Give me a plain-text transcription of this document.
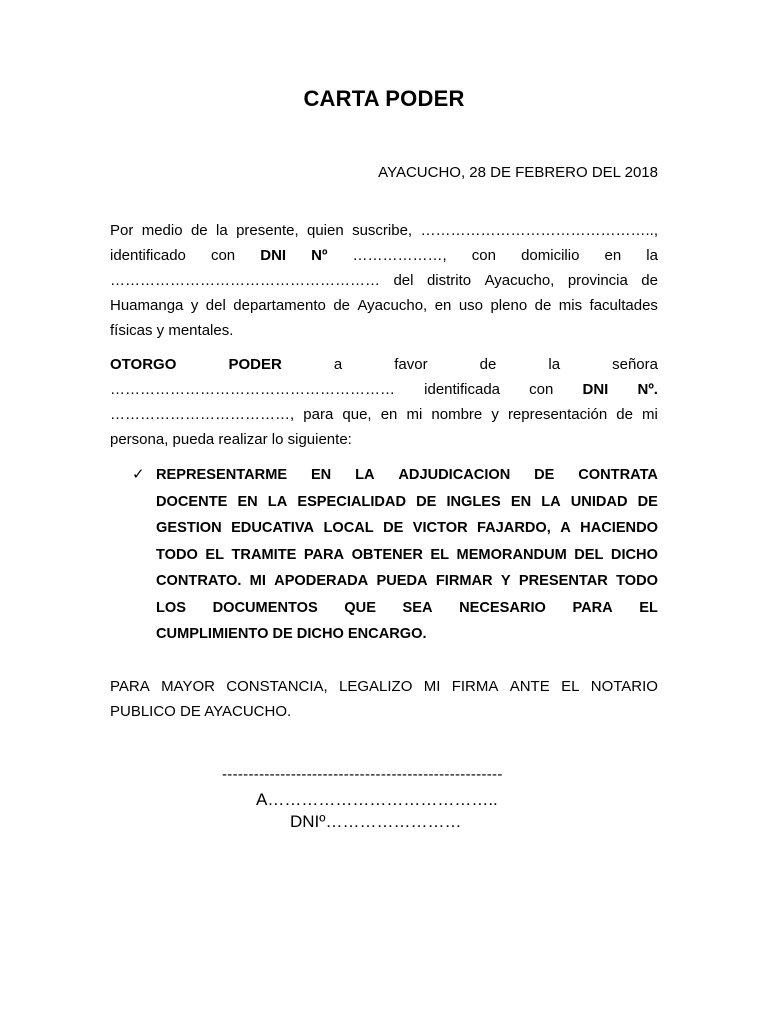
CARTA PODER
AYACUCHO, 28 DE FEBRERO DEL 2018
Por medio de la presente, quien suscribe, ………………………………………..,
identificado con DNI Nº ………………, con domicilio en la
……………………………………………… del distrito Ayacucho, provincia de
Huamanga y del departamento de Ayacucho, en uso pleno de mis facultades
físicas y mentales.
OTORGO	PODER	a	favor	de	la	señora
………………………………………………… identificada con DNI Nº.
………………………………, para que, en mi nombre y representación de mi
persona, pueda realizar lo siguiente:
✓ REPRESENTARME EN LA ADJUDICACION DE CONTRATA
DOCENTE EN LA ESPECIALIDAD DE INGLES EN LA UNIDAD DE
GESTION EDUCATIVA LOCAL DE VICTOR FAJARDO, A HACIENDO
TODO EL TRAMITE PARA OBTENER EL MEMORANDUM DEL DICHO
CONTRATO. MI APODERADA PUEDA FIRMAR Y PRESENTAR TODO
LOS DOCUMENTOS QUE SEA NECESARIO PARA EL
CUMPLIMIENTO DE DICHO ENCARGO.
PARA MAYOR CONSTANCIA, LEGALIZO MI FIRMA ANTE EL NOTARIO
PUBLICO DE AYACUCHO.
-----------------------------------------------------
A…………………………………..
DNIº……………………
